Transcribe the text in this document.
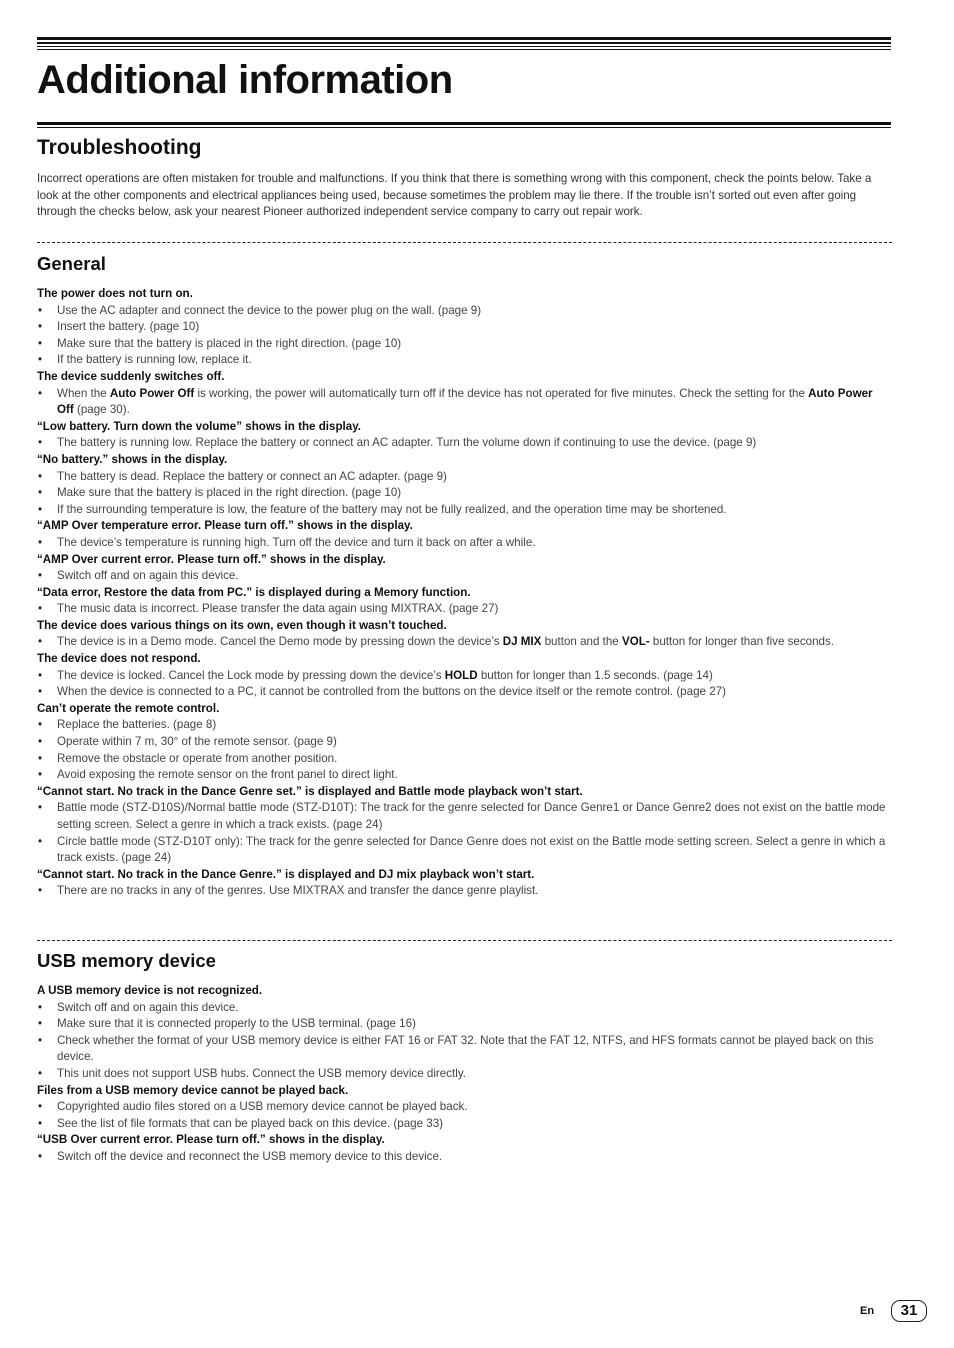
Additional information
Troubleshooting

Incorrect operations are often mistaken for trouble and malfunctions. If you think that there is something wrong with this component, check the points below. Take a look at the other components and electrical appliances being used, because sometimes the problem may lie there. If the trouble isn’t sorted out even after going through the checks below, ask your nearest Pioneer authorized independent service company to carry out repair work.

General

The power does not turn on.

• Use the AC adapter and connect the device to the power plug on the wall. (page 9)
• Insert the battery. (page 10)
• Make sure that the battery is placed in the right direction. (page 10)
• If the battery is running low, replace it.

The device suddenly switches off.

• When the Auto Power Off is working, the power will automatically turn off if the device has not operated for five minutes. Check the setting for the Auto Power Off (page 30).

“Low battery. Turn down the volume” shows in the display.

• The battery is running low. Replace the battery or connect an AC adapter. Turn the volume down if continuing to use the device. (page 9)

“No battery.” shows in the display.

• The battery is dead. Replace the battery or connect an AC adapter. (page 9)
• Make sure that the battery is placed in the right direction. (page 10)
• If the surrounding temperature is low, the feature of the battery may not be fully realized, and the operation time may be shortened.

“AMP Over temperature error. Please turn off.” shows in the display.

• The device’s temperature is running high. Turn off the device and turn it back on after a while.

“AMP Over current error. Please turn off.” shows in the display.

• Switch off and on again this device.

“Data error, Restore the data from PC.” is displayed during a Memory function.

• The music data is incorrect. Please transfer the data again using MIXTRAX. (page 27)

The device does various things on its own, even though it wasn’t touched.

• The device is in a Demo mode. Cancel the Demo mode by pressing down the device’s DJ MIX button and the VOL- button for longer than five seconds.

The device does not respond.

• The device is locked. Cancel the Lock mode by pressing down the device’s HOLD button for longer than 1.5 seconds. (page 14)
• When the device is connected to a PC, it cannot be controlled from the buttons on the device itself or the remote control. (page 27)

Can’t operate the remote control.

• Replace the batteries. (page 8)
• Operate within 7 m, 30° of the remote sensor. (page 9)
• Remove the obstacle or operate from another position.
• Avoid exposing the remote sensor on the front panel to direct light.

“Cannot start. No track in the Dance Genre set.” is displayed and Battle mode playback won’t start.

• Battle mode (STZ-D10S)/Normal battle mode (STZ-D10T): The track for the genre selected for Dance Genre1 or Dance Genre2 does not exist on the battle mode setting screen. Select a genre in which a track exists. (page 24)
• Circle battle mode (STZ-D10T only): The track for the genre selected for Dance Genre does not exist on the Battle mode setting screen. Select a genre in which a track exists. (page 24)

“Cannot start. No track in the Dance Genre.” is displayed and DJ mix playback won’t start.

• There are no tracks in any of the genres. Use MIXTRAX and transfer the dance genre playlist.
USB memory device

A USB memory device is not recognized.

• Switch off and on again this device.
• Make sure that it is connected properly to the USB terminal. (page 16)
• Check whether the format of your USB memory device is either FAT 16 or FAT 32. Note that the FAT 12, NTFS, and HFS formats cannot be played back on this device.
• This unit does not support USB hubs. Connect the USB memory device directly.

Files from a USB memory device cannot be played back.

• Copyrighted audio files stored on a USB memory device cannot be played back.
• See the list of file formats that can be played back on this device. (page 33)

“USB Over current error. Please turn off.” shows in the display.

• Switch off the device and reconnect the USB memory device to this device.
En	31
